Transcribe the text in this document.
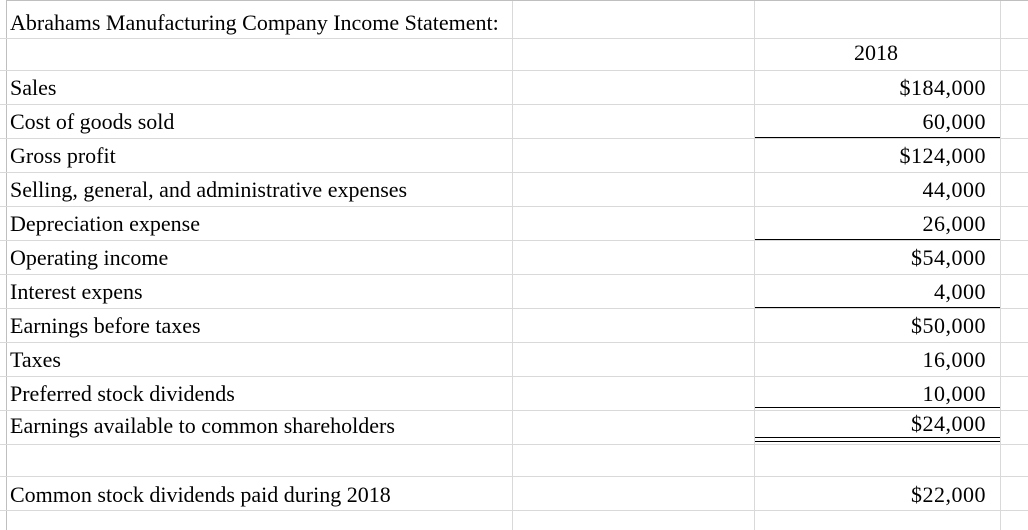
Abrahams Manufacturing Company Income Statement:
2018
Sales	$184,000
Cost of goods sold	60,000
Gross profit	$124,000
Selling, general, and administrative expenses	44,000
Depreciation expense	26,000
Operating income	$54,000
Interest expens	4,000
Earnings before taxes	$50,000
Taxes	16,000
Preferred stock dividends	10,000
Earnings available to common shareholders	$24,000
Common stock dividends paid during 2018	$22,000
